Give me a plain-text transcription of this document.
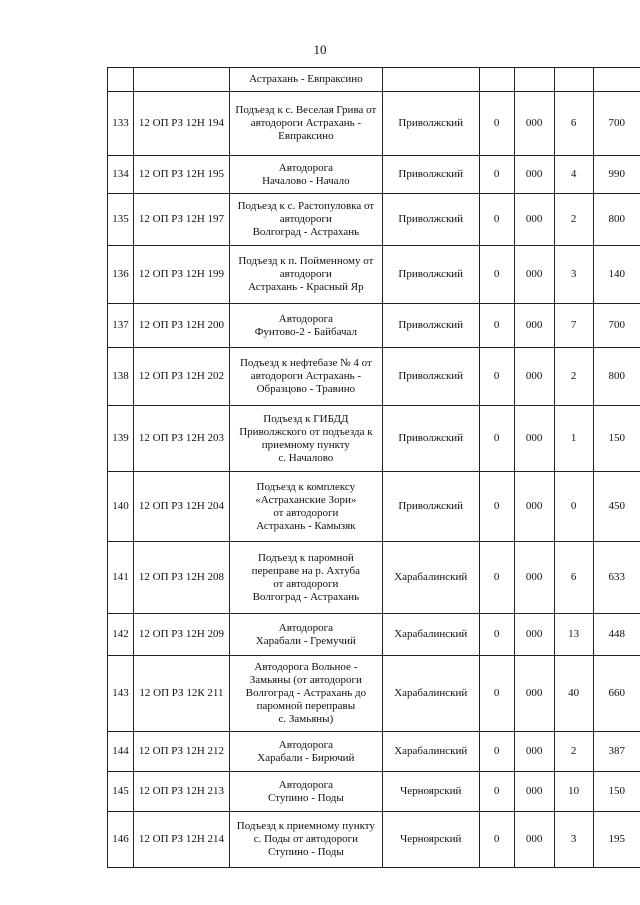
10
		Астрахань - Евпраксино					
133	12 ОП РЗ 12Н 194	Подъезд к с. Веселая Грива от
автодороги Астрахань -
Евпраксино	Приволжский	0	000	6	700
134	12 ОП РЗ 12Н 195	Автодорога
Началово - Начало	Приволжский	0	000	4	990
135	12 ОП РЗ 12Н 197	Подъезд к с. Растопуловка от
автодороги
Волгоград - Астрахань	Приволжский	0	000	2	800
136	12 ОП РЗ 12Н 199	Подъезд к п. Пойменному от
автодороги
Астрахань - Красный Яр	Приволжский	0	000	3	140
137	12 ОП РЗ 12Н 200	Автодорога
Фунтово-2 - Байбачал	Приволжский	0	000	7	700
138	12 ОП РЗ 12Н 202	Подъезд к нефтебазе № 4 от
автодороги Астрахань -
Образцово - Травино	Приволжский	0	000	2	800
139	12 ОП РЗ 12Н 203	Подъезд к ГИБДД
Приволжского от подъезда к
приемному пункту
с. Началово	Приволжский	0	000	1	150
140	12 ОП РЗ 12Н 204	Подъезд к комплексу
«Астраханские Зори»
от автодороги
Астрахань - Камызяк	Приволжский	0	000	0	450
141	12 ОП РЗ 12Н 208	Подъезд к паромной
переправе на р. Ахтуба
от автодороги
Волгоград - Астрахань	Харабалинский	0	000	6	633
142	12 ОП РЗ 12Н 209	Автодорога
Харабали - Гремучий	Харабалинский	0	000	13	448
143	12 ОП РЗ 12К 211	Автодорога Вольное -
Замьяны (от автодороги
Волгоград - Астрахань до
паромной переправы
с. Замьяны)	Харабалинский	0	000	40	660
144	12 ОП РЗ 12Н 212	Автодорога
Харабали - Бирючий	Харабалинский	0	000	2	387
145	12 ОП РЗ 12Н 213	Автодорога
Ступино - Поды	Черноярский	0	000	10	150
146	12 ОП РЗ 12Н 214	Подъезд к приемному пункту
с. Поды от автодороги
Ступино - Поды	Черноярский	0	000	3	195
